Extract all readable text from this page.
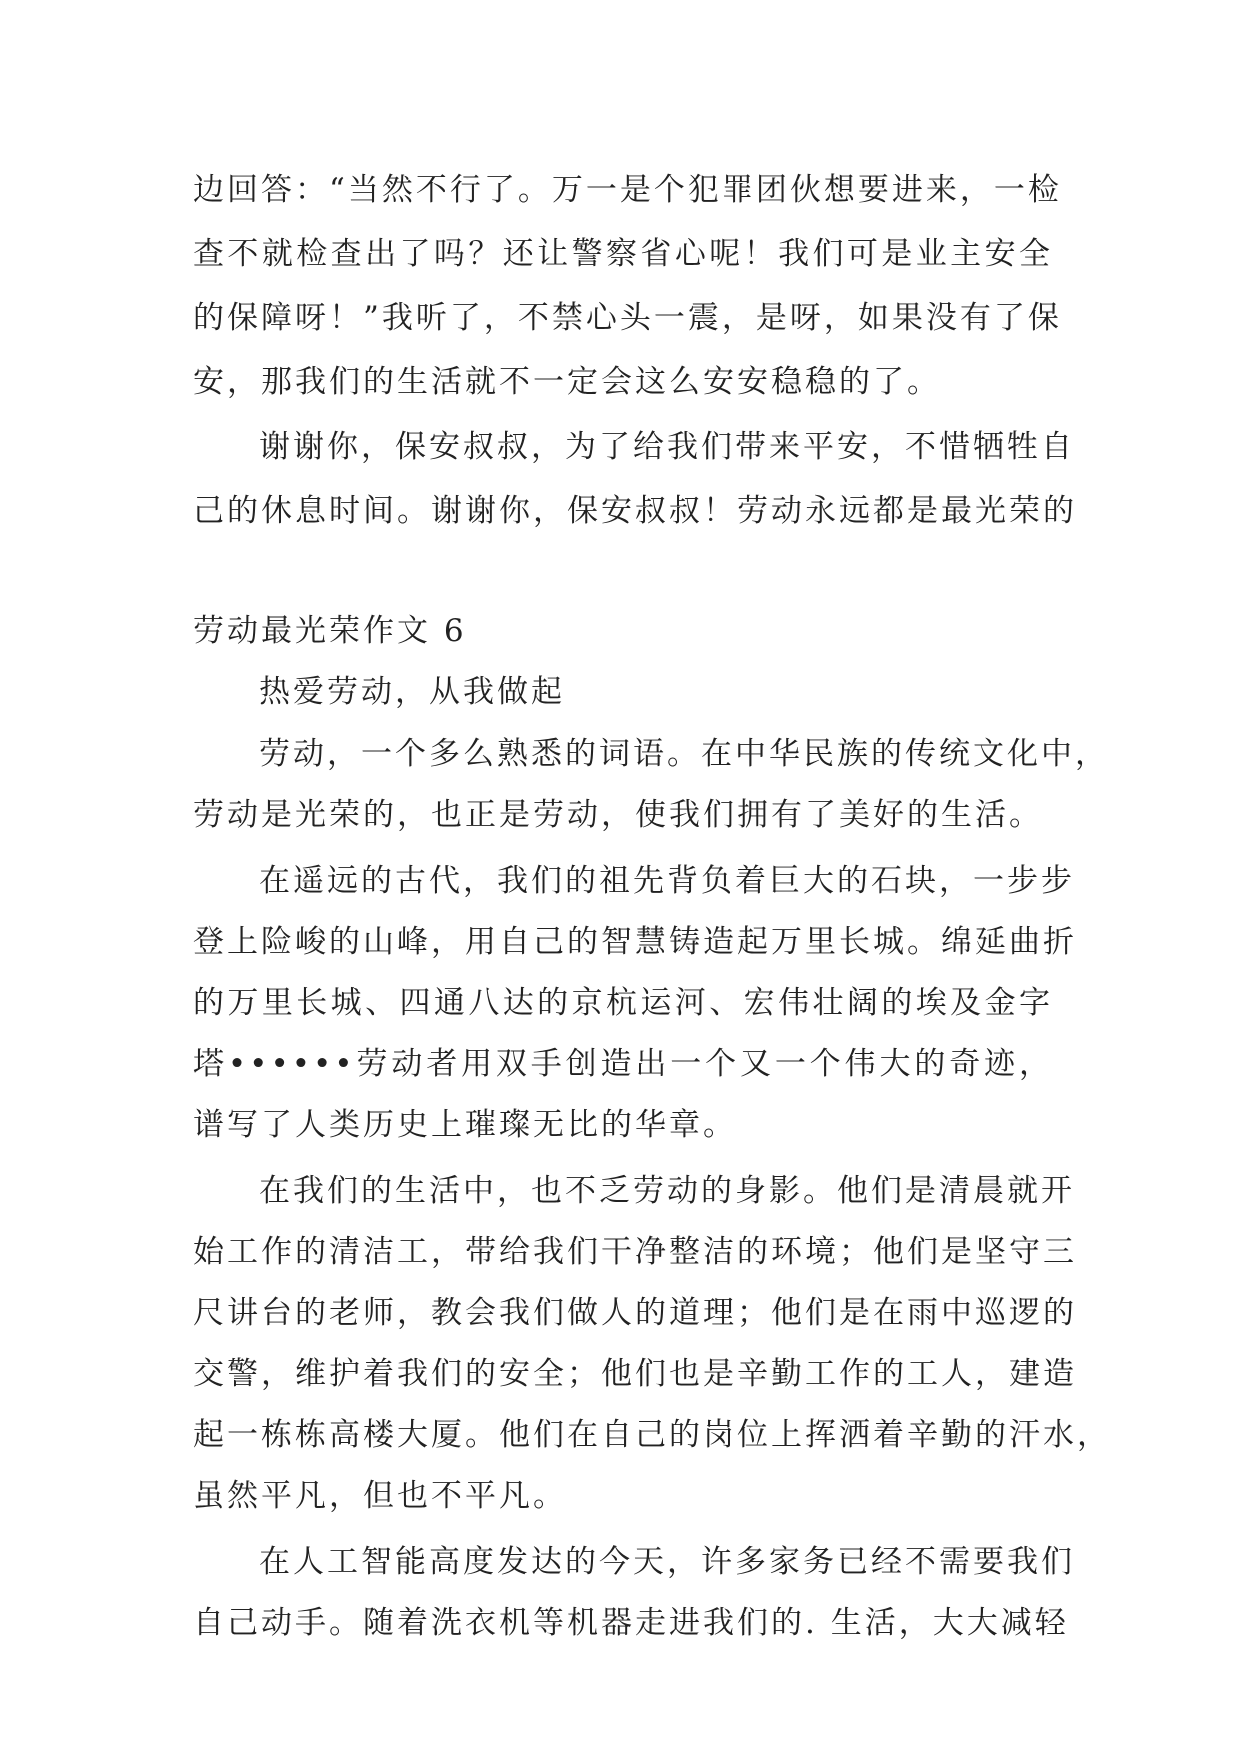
边回答：“当然不行了。万一是个犯罪团伙想要进来，一检

查不就检查出了吗？还让警察省心呢！我们可是业主安全

的保障呀！”我听了，不禁心头一震，是呀，如果没有了保

安，那我们的生活就不一定会这么安安稳稳的了。

谢谢你，保安叔叔，为了给我们带来平安，不惜牺牲自

己的休息时间。谢谢你，保安叔叔！劳动永远都是最光荣的

劳动最光荣作文 6

热爱劳动，从我做起

劳动，一个多么熟悉的词语。在中华民族的传统文化中，

劳动是光荣的，也正是劳动，使我们拥有了美好的生活。

在遥远的古代，我们的祖先背负着巨大的石块，一步步

登上险峻的山峰，用自己的智慧铸造起万里长城。绵延曲折

的万里长城、四通八达的京杭运河、宏伟壮阔的埃及金字

塔••••••劳动者用双手创造出一个又一个伟大的奇迹，

谱写了人类历史上璀璨无比的华章。

在我们的生活中，也不乏劳动的身影。他们是清晨就开

始工作的清洁工，带给我们干净整洁的环境；他们是坚守三

尺讲台的老师，教会我们做人的道理；他们是在雨中巡逻的

交警，维护着我们的安全；他们也是辛勤工作的工人，建造

起一栋栋高楼大厦。他们在自己的岗位上挥洒着辛勤的汗水，

虽然平凡，但也不平凡。

在人工智能高度发达的今天，许多家务已经不需要我们

自己动手。随着洗衣机等机器走进我们的. 生活，大大减轻
